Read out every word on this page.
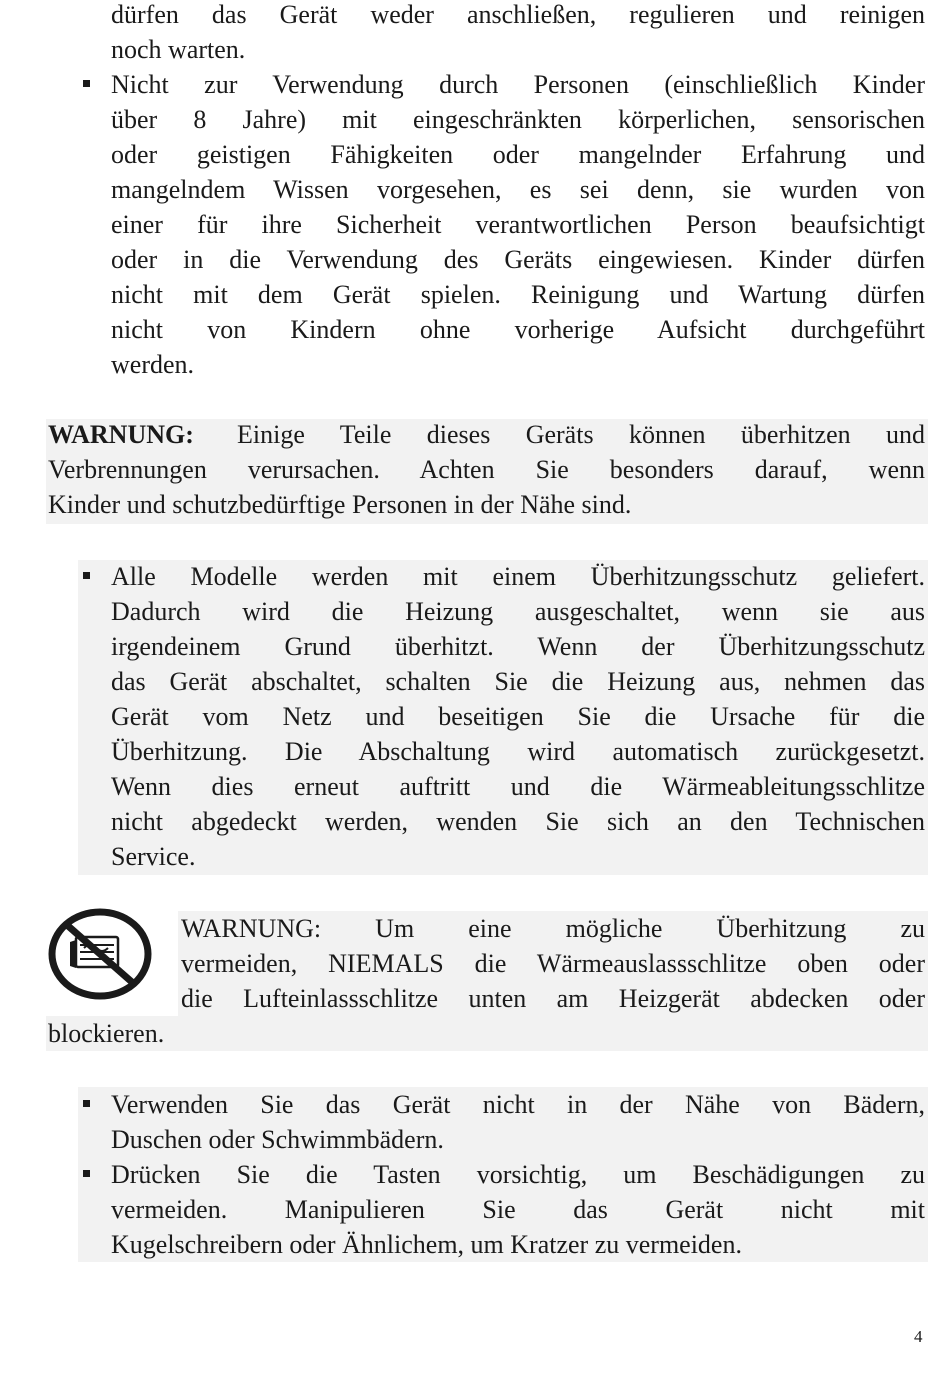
dürfen das Gerät weder anschließen, regulieren und reinigen
noch warten.
Nicht zur Verwendung durch Personen (einschließlich Kinder
über 8 Jahre) mit eingeschränkten körperlichen, sensorischen
oder geistigen Fähigkeiten oder mangelnder Erfahrung und
mangelndem Wissen vorgesehen, es sei denn, sie wurden von
einer für ihre Sicherheit verantwortlichen Person beaufsichtigt
oder in die Verwendung des Geräts eingewiesen. Kinder dürfen
nicht mit dem Gerät spielen. Reinigung und Wartung dürfen
nicht von Kindern ohne vorherige Aufsicht durchgeführt
werden.
WARNUNG: Einige Teile dieses Geräts können überhitzen und
Verbrennungen verursachen. Achten Sie besonders darauf, wenn
Kinder und schutzbedürftige Personen in der Nähe sind.
Alle Modelle werden mit einem Überhitzungsschutz geliefert.
Dadurch wird die Heizung ausgeschaltet, wenn sie aus
irgendeinem Grund überhitzt. Wenn der Überhitzungsschutz
das Gerät abschaltet, schalten Sie die Heizung aus, nehmen das
Gerät vom Netz und beseitigen Sie die Ursache für die
Überhitzung. Die Abschaltung wird automatisch zurückgesetzt.
Wenn dies erneut auftritt und die Wärmeableitungsschlitze
nicht abgedeckt werden, wenden Sie sich an den Technischen
Service.
WARNUNG: Um eine mögliche Überhitzung zu
vermeiden, NIEMALS die Wärmeauslassschlitze oben oder
die Lufteinlassschlitze unten am Heizgerät abdecken oder
blockieren.
Verwenden Sie das Gerät nicht in der Nähe von Bädern,
Duschen oder Schwimmbädern.
Drücken Sie die Tasten vorsichtig, um Beschädigungen zu
vermeiden. Manipulieren Sie das Gerät nicht mit
Kugelschreibern oder Ähnlichem, um Kratzer zu vermeiden.
4
